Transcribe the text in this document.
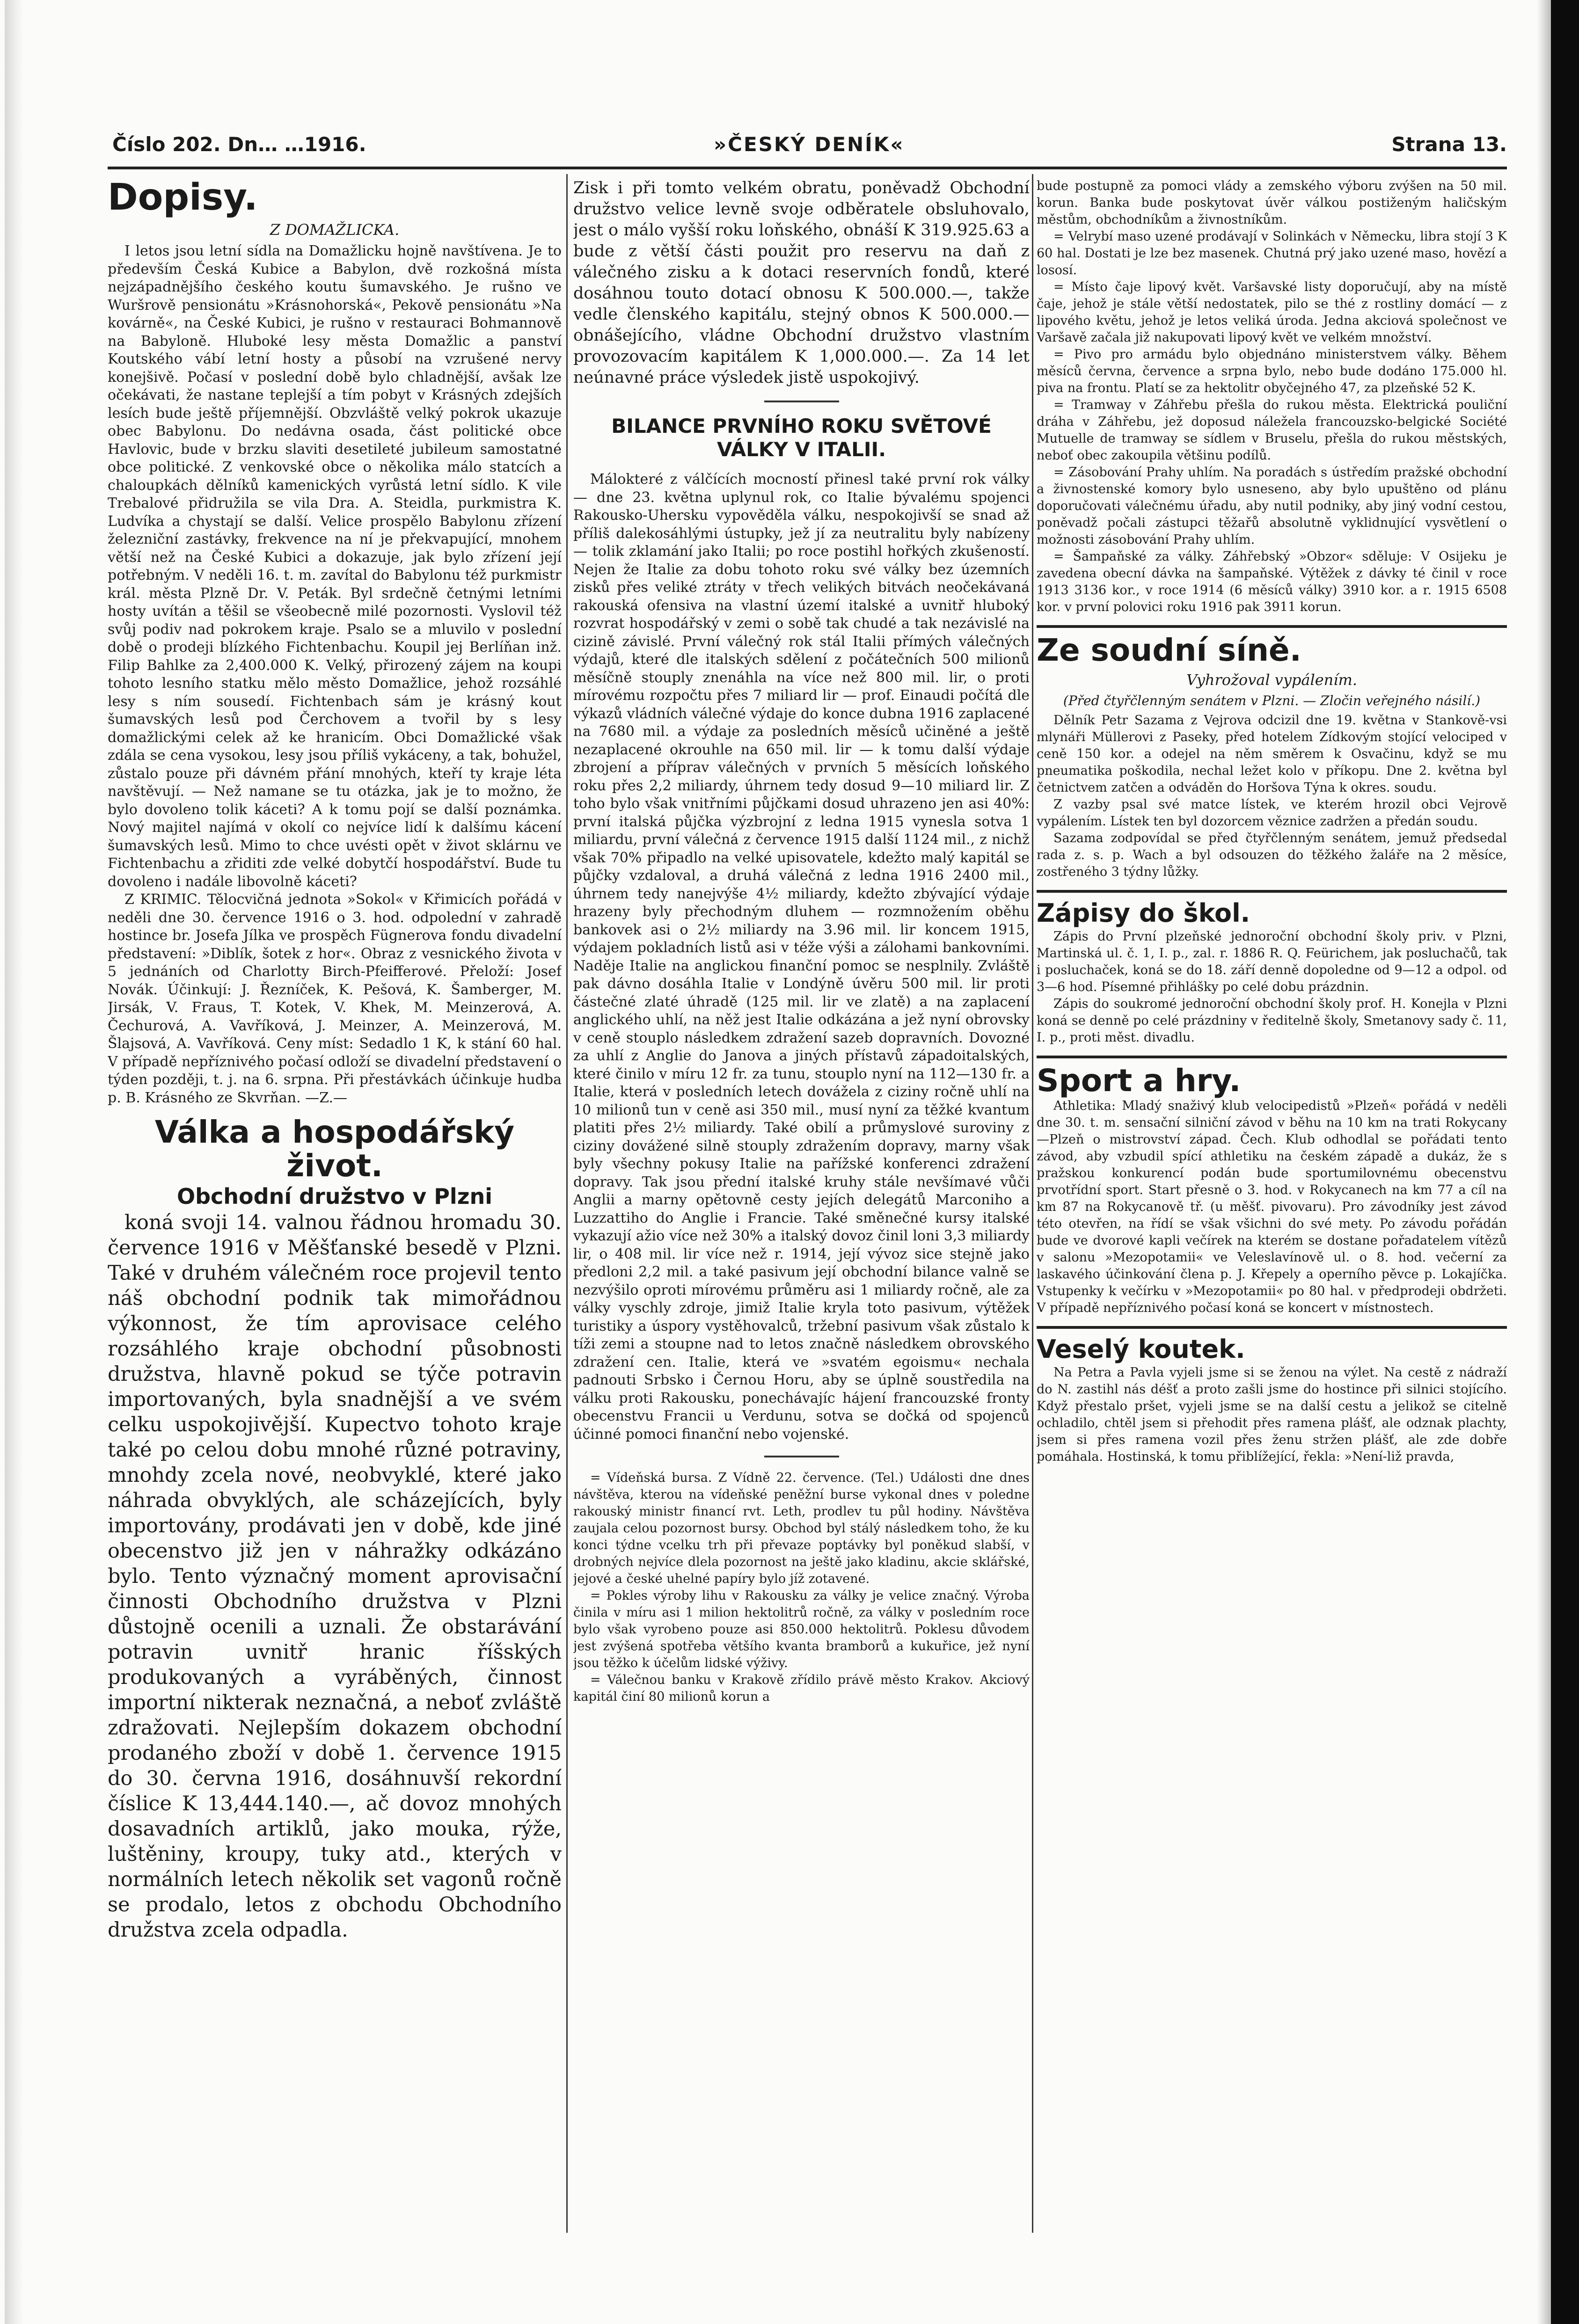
Číslo 202. Dn… …1916.	»ČESKÝ DENÍK«	Strana 13.
Dopisy.
Z DOMAŽLICKA.

I letos jsou letní sídla na Domažlicku hojně navštívena. Je to především Česká Kubice a Babylon, dvě rozkošná místa nejzápadnějšího českého koutu šumavského. Je rušno ve Wuršrově pensionátu »Krásnohorská«, Pekově pensionátu »Na kovárně«, na České Kubici, je rušno v restauraci Bohmannově na Babyloně. Hluboké lesy města Domažlic a panství Koutského vábí letní hosty a působí na vzrušené nervy konejšivě. Počasí v poslední době bylo chladnější, avšak lze očekávati, že nastane teplejší a tím pobyt v Krásných zdejších lesích bude ještě příjemnější. Obzvláště velký pokrok ukazuje obec Babylonu. Do nedávna osada, část politické obce Havlovic, bude v brzku slaviti desetileté jubileum samostatné obce politické. Z venkovské obce o několika málo statcích a chaloupkách dělníků kamenických vyrůstá letní sídlo. K vile Trebalové přidružila se vila Dra. A. Steidla, purkmistra K. Ludvíka a chystají se další. Velice prospělo Babylonu zřízení železniční zastávky, frekvence na ní je překvapující, mnohem větší než na České Kubici a dokazuje, jak bylo zřízení její potřebným. V neděli 16. t. m. zavítal do Babylonu též purkmistr král. města Plzně Dr. V. Peták. Byl srdečně četnými letními hosty uvítán a těšil se všeobecně milé pozornosti. Vyslovil též svůj podiv nad pokrokem kraje. Psalo se a mluvilo v poslední době o prodeji blízkého Fichtenbachu. Koupil jej Berlíňan inž. Filip Bahlke za 2,400.000 K. Velký, přirozený zájem na koupi tohoto lesního statku mělo město Domažlice, jehož rozsáhlé lesy s ním sousedí. Fichtenbach sám je krásný kout šumavských lesů pod Čerchovem a tvořil by s lesy domažlickými celek až ke hranicím. Obci Domažlické však zdála se cena vysokou, lesy jsou příliš vykáceny, a tak, bohužel, zůstalo pouze při dávném přání mnohých, kteří ty kraje léta navštěvují. — Než namane se tu otázka, jak je to možno, že bylo dovoleno tolik káceti? A k tomu pojí se další poznámka. Nový majitel najímá v okolí co nejvíce lidí k dalšímu kácení šumavských lesů. Mimo to chce uvésti opět v život sklárnu ve Fichtenbachu a zřiditi zde velké dobytčí hospodářství. Bude tu dovoleno i nadále libovolně káceti?

Z KRIMIC. Tělocvičná jednota »Sokol« v Křimicích pořádá v neděli dne 30. července 1916 o 3. hod. odpolední v zahradě hostince br. Josefa Jílka ve prospěch Fügnerova fondu divadelní představení: »Diblík, šotek z hor«. Obraz z vesnického života v 5 jednáních od Charlotty Birch-Pfeifferové. Přeloží: Josef Novák. Účinkují: J. Řezníček, K. Pešová, K. Šamberger, M. Jirsák, V. Fraus, T. Kotek, V. Khek, M. Meinzerová, A. Čechurová, A. Vavříková, J. Meinzer, A. Meinzerová, M. Šlajsová, A. Vavříková. Ceny míst: Sedadlo 1 K, k stání 60 hal. V případě nepříznivého počasí odloží se divadelní představení o týden později, t. j. na 6. srpna. Při přestávkách účinkuje hudba p. B. Krásného ze Skvrňan. —Z.—

Válka a hospodářský život.
Obchodní družstvo v Plzni

koná svoji 14. valnou řádnou hromadu 30. července 1916 v Měšťanské besedě v Plzni. Také v druhém válečném roce projevil tento náš obchodní podnik tak mimořádnou výkonnost, že tím aprovisace celého rozsáhlého kraje obchodní působnosti družstva, hlavně pokud se týče potravin importovaných, byla snadnější a ve svém celku uspokojivější. Kupectvo tohoto kraje také po celou dobu mnohé různé potraviny, mnohdy zcela nové, neobvyklé, které jako náhrada obvyklých, ale scházejících, byly importovány, prodávati jen v době, kde jiné obecenstvo již jen v náhražky odkázáno bylo. Tento význačný moment aprovisační činnosti Obchodního družstva v Plzni důstojně ocenili a uznali. Že obstarávání potravin uvnitř hranic říšských produkovaných a vyráběných, činnost importní nikterak neznačná, a neboť zvláště zdražovati. Nejlepším dokazem obchodní prodaného zboží v době 1. července 1915 do 30. června 1916, dosáhnuvší rekordní číslice K 13,444.140.—, ač dovoz mnohých dosavadních artiklů, jako mouka, rýže, luštěniny, kroupy, tuky atd., kterých v normálních letech několik set vagonů ročně se prodalo, letos z obchodu Obchodního družstva zcela odpadla.

Zisk i při tomto velkém obratu, poněvadž Obchodní družstvo velice levně svoje odběratele obsluhovalo, jest o málo vyšší roku loňského, obnáší K 319.925.63 a bude z větší části použit pro reservu na daň z válečného zisku a k dotaci reservních fondů, které dosáhnou touto dotací obnosu K 500.000.—, takže vedle členského kapitálu, stejný obnos K 500.000.— obnášejícího, vládne Obchodní družstvo vlastním provozovacím kapitálem K 1,000.000.—. Za 14 let neúnavné práce výsledek jistě uspokojivý.

BILANCE PRVNÍHO ROKU SVĚTOVÉ VÁLKY V ITALII.

Málokteré z válčících mocností přinesl také první rok války — dne 23. května uplynul rok, co Italie bývalému spojenci Rakousko-Uhersku vypověděla válku, nespokojivší se snad až příliš dalekosáhlými ústupky, jež jí za neutralitu byly nabízeny — tolik zklamání jako Italii; po roce postihl hořkých zkušeností. Nejen že Italie za dobu tohoto roku své války bez územních zisků přes veliké ztráty v třech velikých bitvách neočekávaná rakouská ofensiva na vlastní území italské a uvnitř hluboký rozvrat hospodářský v zemi o sobě tak chudé a tak nezávislé na cizině závislé. První válečný rok stál Italii přímých válečných výdajů, které dle italských sdělení z počátečních 500 milionů měsíčně stouply znenáhla na více než 800 mil. lir, o proti mírovému rozpočtu přes 7 miliard lir — prof. Einaudi počítá dle výkazů vládních válečné výdaje do konce dubna 1916 zaplacené na 7680 mil. a výdaje za posledních měsíců učiněné a ještě nezaplacené okrouhle na 650 mil. lir — k tomu další výdaje zbrojení a příprav válečných v prvních 5 měsících loňského roku přes 2,2 miliardy, úhrnem tedy dosud 9—10 miliard lir. Z toho bylo však vnitřními půjčkami dosud uhrazeno jen asi 40%: první italská půjčka výzbrojní z ledna 1915 vynesla sotva 1 miliardu, první válečná z července 1915 další 1124 mil., z nichž však 70% připadlo na velké upisovatele, kdežto malý kapitál se půjčky vzdaloval, a druhá válečná z ledna 1916 2400 mil., úhrnem tedy nanejvýše 4½ miliardy, kdežto zbývající výdaje hrazeny byly přechodným dluhem — rozmnožením oběhu bankovek asi o 2½ miliardy na 3.96 mil. lir koncem 1915, výdajem pokladních listů asi v téže výši a zálohami bankovními. Naděje Italie na anglickou finanční pomoc se nesplnily. Zvláště pak dávno dosáhla Italie v Londýně úvěru 500 mil. lir proti částečné zlaté úhradě (125 mil. lir ve zlatě) a na zaplacení anglického uhlí, na něž jest Italie odkázána a jež nyní obrovsky v ceně stouplo následkem zdražení sazeb dopravních. Dovozné za uhlí z Anglie do Janova a jiných přístavů západoitalských, které činilo v míru 12 fr. za tunu, stouplo nyní na 112—130 fr. a Italie, která v posledních letech dovážela z ciziny ročně uhlí na 10 milionů tun v ceně asi 350 mil., musí nyní za těžké kvantum platiti přes 2½ miliardy. Také obilí a průmyslové suroviny z ciziny dovážené silně stouply zdražením dopravy, marny však byly všechny pokusy Italie na pařížské konferenci zdražení dopravy. Tak jsou přední italské kruhy stále nevšímavé vůči Anglii a marny opětovně cesty jejích delegátů Marconiho a Luzzattiho do Anglie i Francie. Také směnečné kursy italské vykazují ažio více než 30% a italský dovoz činil loni 3,3 miliardy lir, o 408 mil. lir více než r. 1914, její vývoz sice stejně jako předloni 2,2 mil. a také pasivum její obchodní bilance valně se nezvýšilo oproti mírovému průměru asi 1 miliardy ročně, ale za války vyschly zdroje, jimiž Italie kryla toto pasivum, výtěžek turistiky a úspory vystěhovalců, tržební pasivum však zůstalo k tíži zemi a stoupne nad to letos značně následkem obrovského zdražení cen. Italie, která ve »svatém egoismu« nechala padnouti Srbsko i Černou Horu, aby se úplně soustředila na válku proti Rakousku, ponechávajíc hájení francouzské fronty obecenstvu Francii u Verdunu, sotva se dočká od spojenců účinné pomoci finanční nebo vojenské.

= Vídeňská bursa. Z Vídně 22. července. (Tel.) Události dne dnes návštěva, kterou na vídeňské peněžní burse vykonal dnes v poledne rakouský ministr financí rvt. Leth, prodlev tu půl hodiny. Návštěva zaujala celou pozornost bursy. Obchod byl stálý následkem toho, že ku konci týdne vcelku trh při převaze poptávky byl poněkud slabší, v drobných nejvíce dlela pozornost na ještě jako kladinu, akcie sklářské, jejové a české uhelné papíry bylo jíž zotavené.

= Pokles výroby lihu v Rakousku za války je velice značný. Výroba činila v míru asi 1 milion hektolitrů ročně, za války v posledním roce bylo však vyrobeno pouze asi 850.000 hektolitrů. Poklesu důvodem jest zvýšená spotřeba většího kvanta bramborů a kukuřice, jež nyní jsou těžko k účelům lidské výživy.

= Válečnou banku v Krakově zřídilo právě město Krakov. Akciový kapitál činí 80 milionů korun a

bude postupně za pomoci vlády a zemského výboru zvýšen na 50 mil. korun. Banka bude poskytovat úvěr válkou postiženým haličským městům, obchodníkům a živnostníkům.

= Velrybí maso uzené prodávají v Solinkách v Německu, libra stojí 3 K 60 hal. Dostati je lze bez masenek. Chutná prý jako uzené maso, hovězí a lososí.

= Místo čaje lipový květ. Varšavské listy doporučují, aby na místě čaje, jehož je stále větší nedostatek, pilo se thé z rostliny domácí — z lipového květu, jehož je letos veliká úroda. Jedna akciová společnost ve Varšavě začala již nakupovati lipový květ ve velkém množství.

= Pivo pro armádu bylo objednáno ministerstvem války. Během měsíců června, července a srpna bylo, nebo bude dodáno 175.000 hl. piva na frontu. Platí se za hektolitr obyčejného 47, za plzeňské 52 K.

= Tramway v Záhřebu přešla do rukou města. Elektrická pouliční dráha v Záhřebu, jež doposud náležela francouzsko-belgické Société Mutuelle de tramway se sídlem v Bruselu, přešla do rukou městských, neboť obec zakoupila většinu podílů.

= Zásobování Prahy uhlím. Na poradách s ústředím pražské obchodní a živnostenské komory bylo usneseno, aby bylo upuštěno od plánu doporučovati válečnému úřadu, aby nutil podniky, aby jiný vodní cestou, poněvadž počali zástupci těžařů absolutně vyklidnující vysvětlení o možnosti zásobování Prahy uhlím.

= Šampaňské za války. Záhřebský »Obzor« sděluje: V Osijeku je zavedena obecní dávka na šampaňské. Výtěžek z dávky té činil v roce 1913 3136 kor., v roce 1914 (6 měsíců války) 3910 kor. a r. 1915 6508 kor. v první polovici roku 1916 pak 3911 korun.

Ze soudní síně.
Vyhrožoval vypálením.
(Před čtyřčlenným senátem v Plzni. — Zločin veřejného násilí.)

Dělník Petr Sazama z Vejrova odcizil dne 19. května v Stankově-vsi mlynáři Müllerovi z Paseky, před hotelem Zídkovým stojící velociped v ceně 150 kor. a odejel na něm směrem k Osvačinu, když se mu pneumatika poškodila, nechal ležet kolo v příkopu. Dne 2. května byl četnictvem zatčen a odváděn do Horšova Týna k okres. soudu.

Z vazby psal své matce lístek, ve kterém hrozil obci Vejrově vypálením. Lístek ten byl dozorcem věznice zadržen a předán soudu.

Sazama zodpovídal se před čtyřčlenným senátem, jemuž předsedal rada z. s. p. Wach a byl odsouzen do těžkého žaláře na 2 měsíce, zostřeného 3 týdny lůžky.

Zápisy do škol.

Zápis do První plzeňské jednoroční obchodní školy priv. v Plzni, Martinská ul. č. 1, I. p., zal. r. 1886 R. Q. Feürichem, jak posluchačů, tak i posluchaček, koná se do 18. září denně dopoledne od 9—12 a odpol. od 3—6 hod. Písemné přihlášky po celé dobu prázdnin.

Zápis do soukromé jednoroční obchodní školy prof. H. Konejla v Plzni koná se denně po celé prázdniny v ředitelně školy, Smetanovy sady č. 11, I. p., proti měst. divadlu.

Sport a hry.

Athletika: Mladý snaživý klub velocipedistů »Plzeň« pořádá v neděli dne 30. t. m. sensační silniční závod v běhu na 10 km na trati Rokycany—Plzeň o mistrovství západ. Čech. Klub odhodlal se pořádati tento závod, aby vzbudil spící athletiku na českém západě a dukáz, že s pražskou konkurencí podán bude sportumilovnému obecenstvu prvotřídní sport. Start přesně o 3. hod. v Rokycanech na km 77 a cíl na km 87 na Rokycanově tř. (u měšť. pivovaru). Pro závodníky jest závod této otevřen, na řídí se však všichni do své mety. Po závodu pořádán bude ve dvorové kapli večírek na kterém se dostane pořadatelem vítězů v salonu »Mezopotamii« ve Veleslavínově ul. o 8. hod. večerní za laskavého účinkování člena p. J. Křepely a operního pěvce p. Lokajíčka. Vstupenky k večírku v »Mezopotamii« po 80 hal. v předprodeji obdržeti. V případě nepříznivého počasí koná se koncert v místnostech.

Veselý koutek.

Na Petra a Pavla vyjeli jsme si se ženou na výlet. Na cestě z nádraží do N. zastihl nás déšť a proto zašli jsme do hostince při silnici stojícího. Když přestalo pršet, vyjeli jsme se na další cestu a jelikož se citelně ochladilo, chtěl jsem si přehodit přes ramena plášť, ale odznak plachty, jsem si přes ramena vozil přes ženu stržen plášť, ale zde dobře pomáhala. Hostinská, k tomu přiblížející, řekla: »Není-liž pravda,
